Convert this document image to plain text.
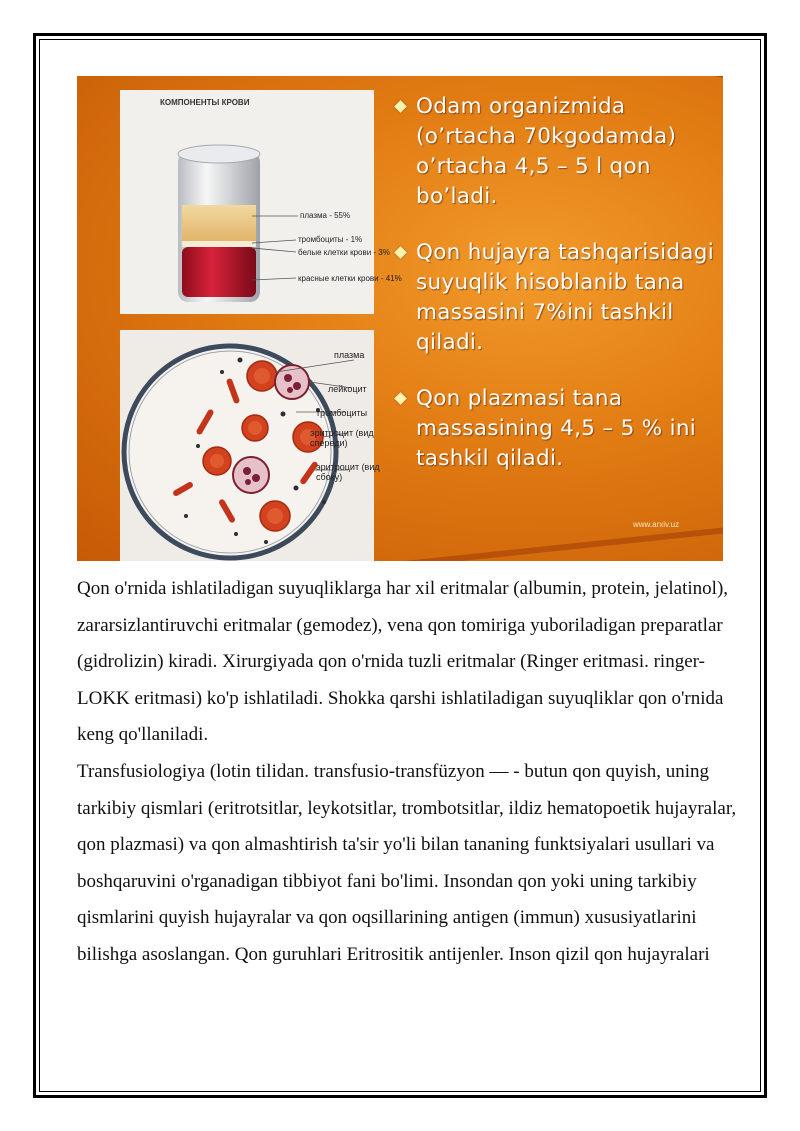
КОМПОНЕНТЫ КРОВИ
плазма - 55%
тромбоциты - 1%
белые клетки крови - 3%
красные клетки крови - 41%
плазма
лейкоцит
тромбоциты
эритроцит (вид спереди)
эритроцит (вид сбоку)
Odam organizmida (o’rtacha 70kgodamda) o’rtacha 4,5 – 5 l qon bo’ladi.
Qon hujayra tashqarisidagi suyuqlik hisoblanib tana massasini 7%ini tashkil qiladi.
Qon plazmasi tana massasining 4,5 – 5 % ini tashkil qiladi.
www.arxiv.uz

Qon o'rnida ishlatiladigan suyuqliklarga har xil eritmalar (albumin, protein, jelatinol), zararsizlantiruvchi eritmalar (gemodez), vena qon tomiriga yuboriladigan preparatlar (gidrolizin) kiradi. Xirurgiyada qon o'rnida tuzli eritmalar (Ringer eritmasi. ringer-LOKK eritmasi) ko'p ishlatiladi. Shokka qarshi ishlatiladigan suyuqliklar qon o'rnida keng qo'llaniladi.

Transfusiologiya (lotin tilidan. transfusio-transfüzyon — - butun qon quyish, uning tarkibiy qismlari (eritrotsitlar, leykotsitlar, trombotsitlar, ildiz hematopoetik hujayralar, qon plazmasi) va qon almashtirish ta'sir yo'li bilan tananing funktsiyalari usullari va boshqaruvini o'rganadigan tibbiyot fani bo'limi. Insondan qon yoki uning tarkibiy qismlarini quyish hujayralar va qon oqsillarining antigen (immun) xususiyatlarini bilishga asoslangan. Qon guruhlari Eritrositik antijenler. Inson qizil qon hujayralari
